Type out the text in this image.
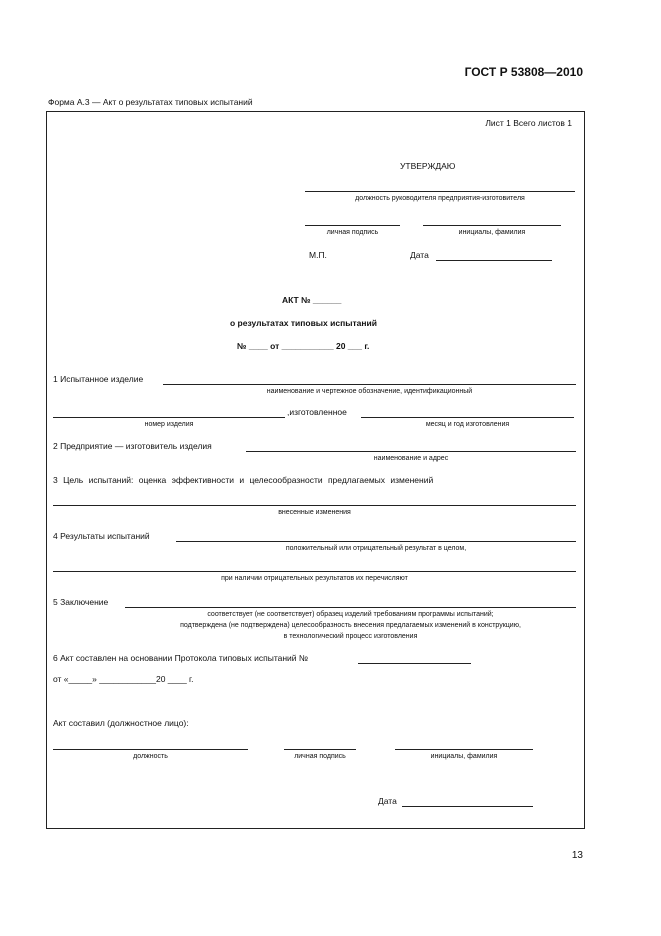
ГОСТ Р 53808—2010
Форма А.3 — Акт о результатах типовых испытаний
Лист 1 Всего листов 1
УТВЕРЖДАЮ
должность руководителя предприятия-изготовителя
личная подпись	инициалы, фамилия
М.П.	Дата
АКТ № ______
о результатах типовых испытаний
№ ____ от ___________ 20 ___ г.
1 Испытанное изделие
наименование и чертежное обозначение, идентификационный
,изготовленное
номер изделия	месяц и год изготовления
2 Предприятие — изготовитель изделия
наименование и адрес
3 Цель испытаний: оценка эффективности и целесообразности предлагаемых изменений
внесенные изменения
4 Результаты испытаний
положительный или отрицательный результат в целом,
при наличии отрицательных результатов их перечисляют
5 Заключение
соответствует (не соответствует) образец изделий требованиям программы испытаний;
подтверждена (не подтверждена) целесообразность внесения предлагаемых изменений в конструкцию,
в технологический процесс изготовления
6 Акт составлен на основании Протокола типовых испытаний №
от «_____» ____________20 ____ г.
Акт составил (должностное лицо):
должность	личная подпись	инициалы, фамилия
Дата
13
